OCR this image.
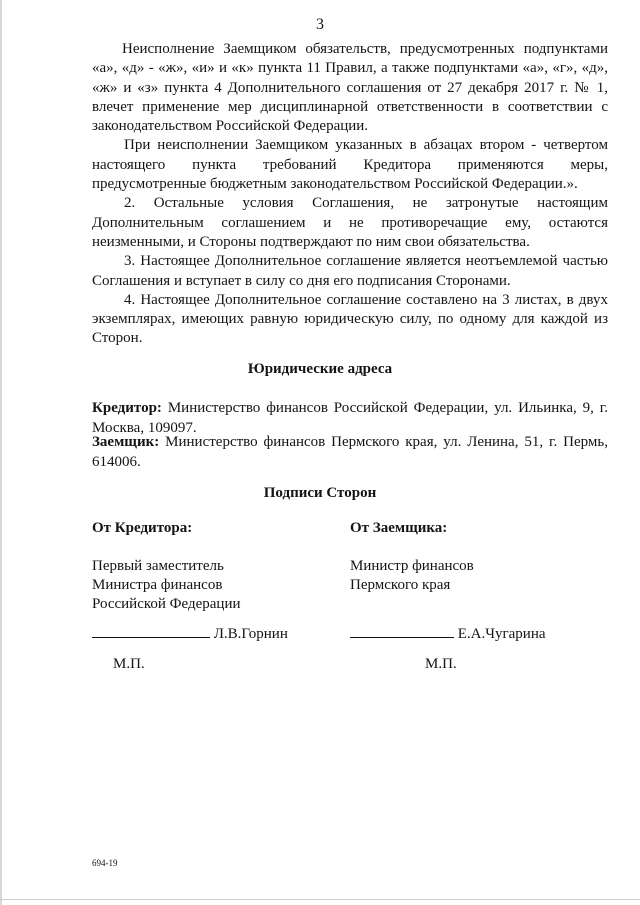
3

Неисполнение Заемщиком обязательств, предусмотренных подпунктами «а», «д» - «ж», «и» и «к» пункта 11 Правил, а также подпунктами «а», «г», «д», «ж» и «з» пункта 4 Дополнительного соглашения от 27 декабря 2017 г. № 1, влечет применение мер дисциплинарной ответственности в соответствии с законодательством Российской Федерации.

При неисполнении Заемщиком указанных в абзацах втором - четвертом настоящего пункта требований Кредитора применяются меры, предусмотренные бюджетным законодательством Российской Федерации.».

2. Остальные условия Соглашения, не затронутые настоящим Дополнительным соглашением и не противоречащие ему, остаются неизменными, и Стороны подтверждают по ним свои обязательства.

3. Настоящее Дополнительное соглашение является неотъемлемой частью Соглашения и вступает в силу со дня его подписания Сторонами.

4. Настоящее Дополнительное соглашение составлено на 3 листах, в двух экземплярах, имеющих равную юридическую силу, по одному для каждой из Сторон.

Юридические адреса

Кредитор: Министерство финансов Российской Федерации, ул. Ильинка, 9, г. Москва, 109097.

Заемщик: Министерство финансов Пермского края, ул. Ленина, 51, г. Пермь, 614006.

Подписи Сторон
От Кредитора:
Первый заместитель
Министра финансов
Российской Федерации
От Заемщика:
Министр финансов
Пермского края
Л.В.Горнин	Е.А.Чугарина
М.П.	М.П.
694-19
